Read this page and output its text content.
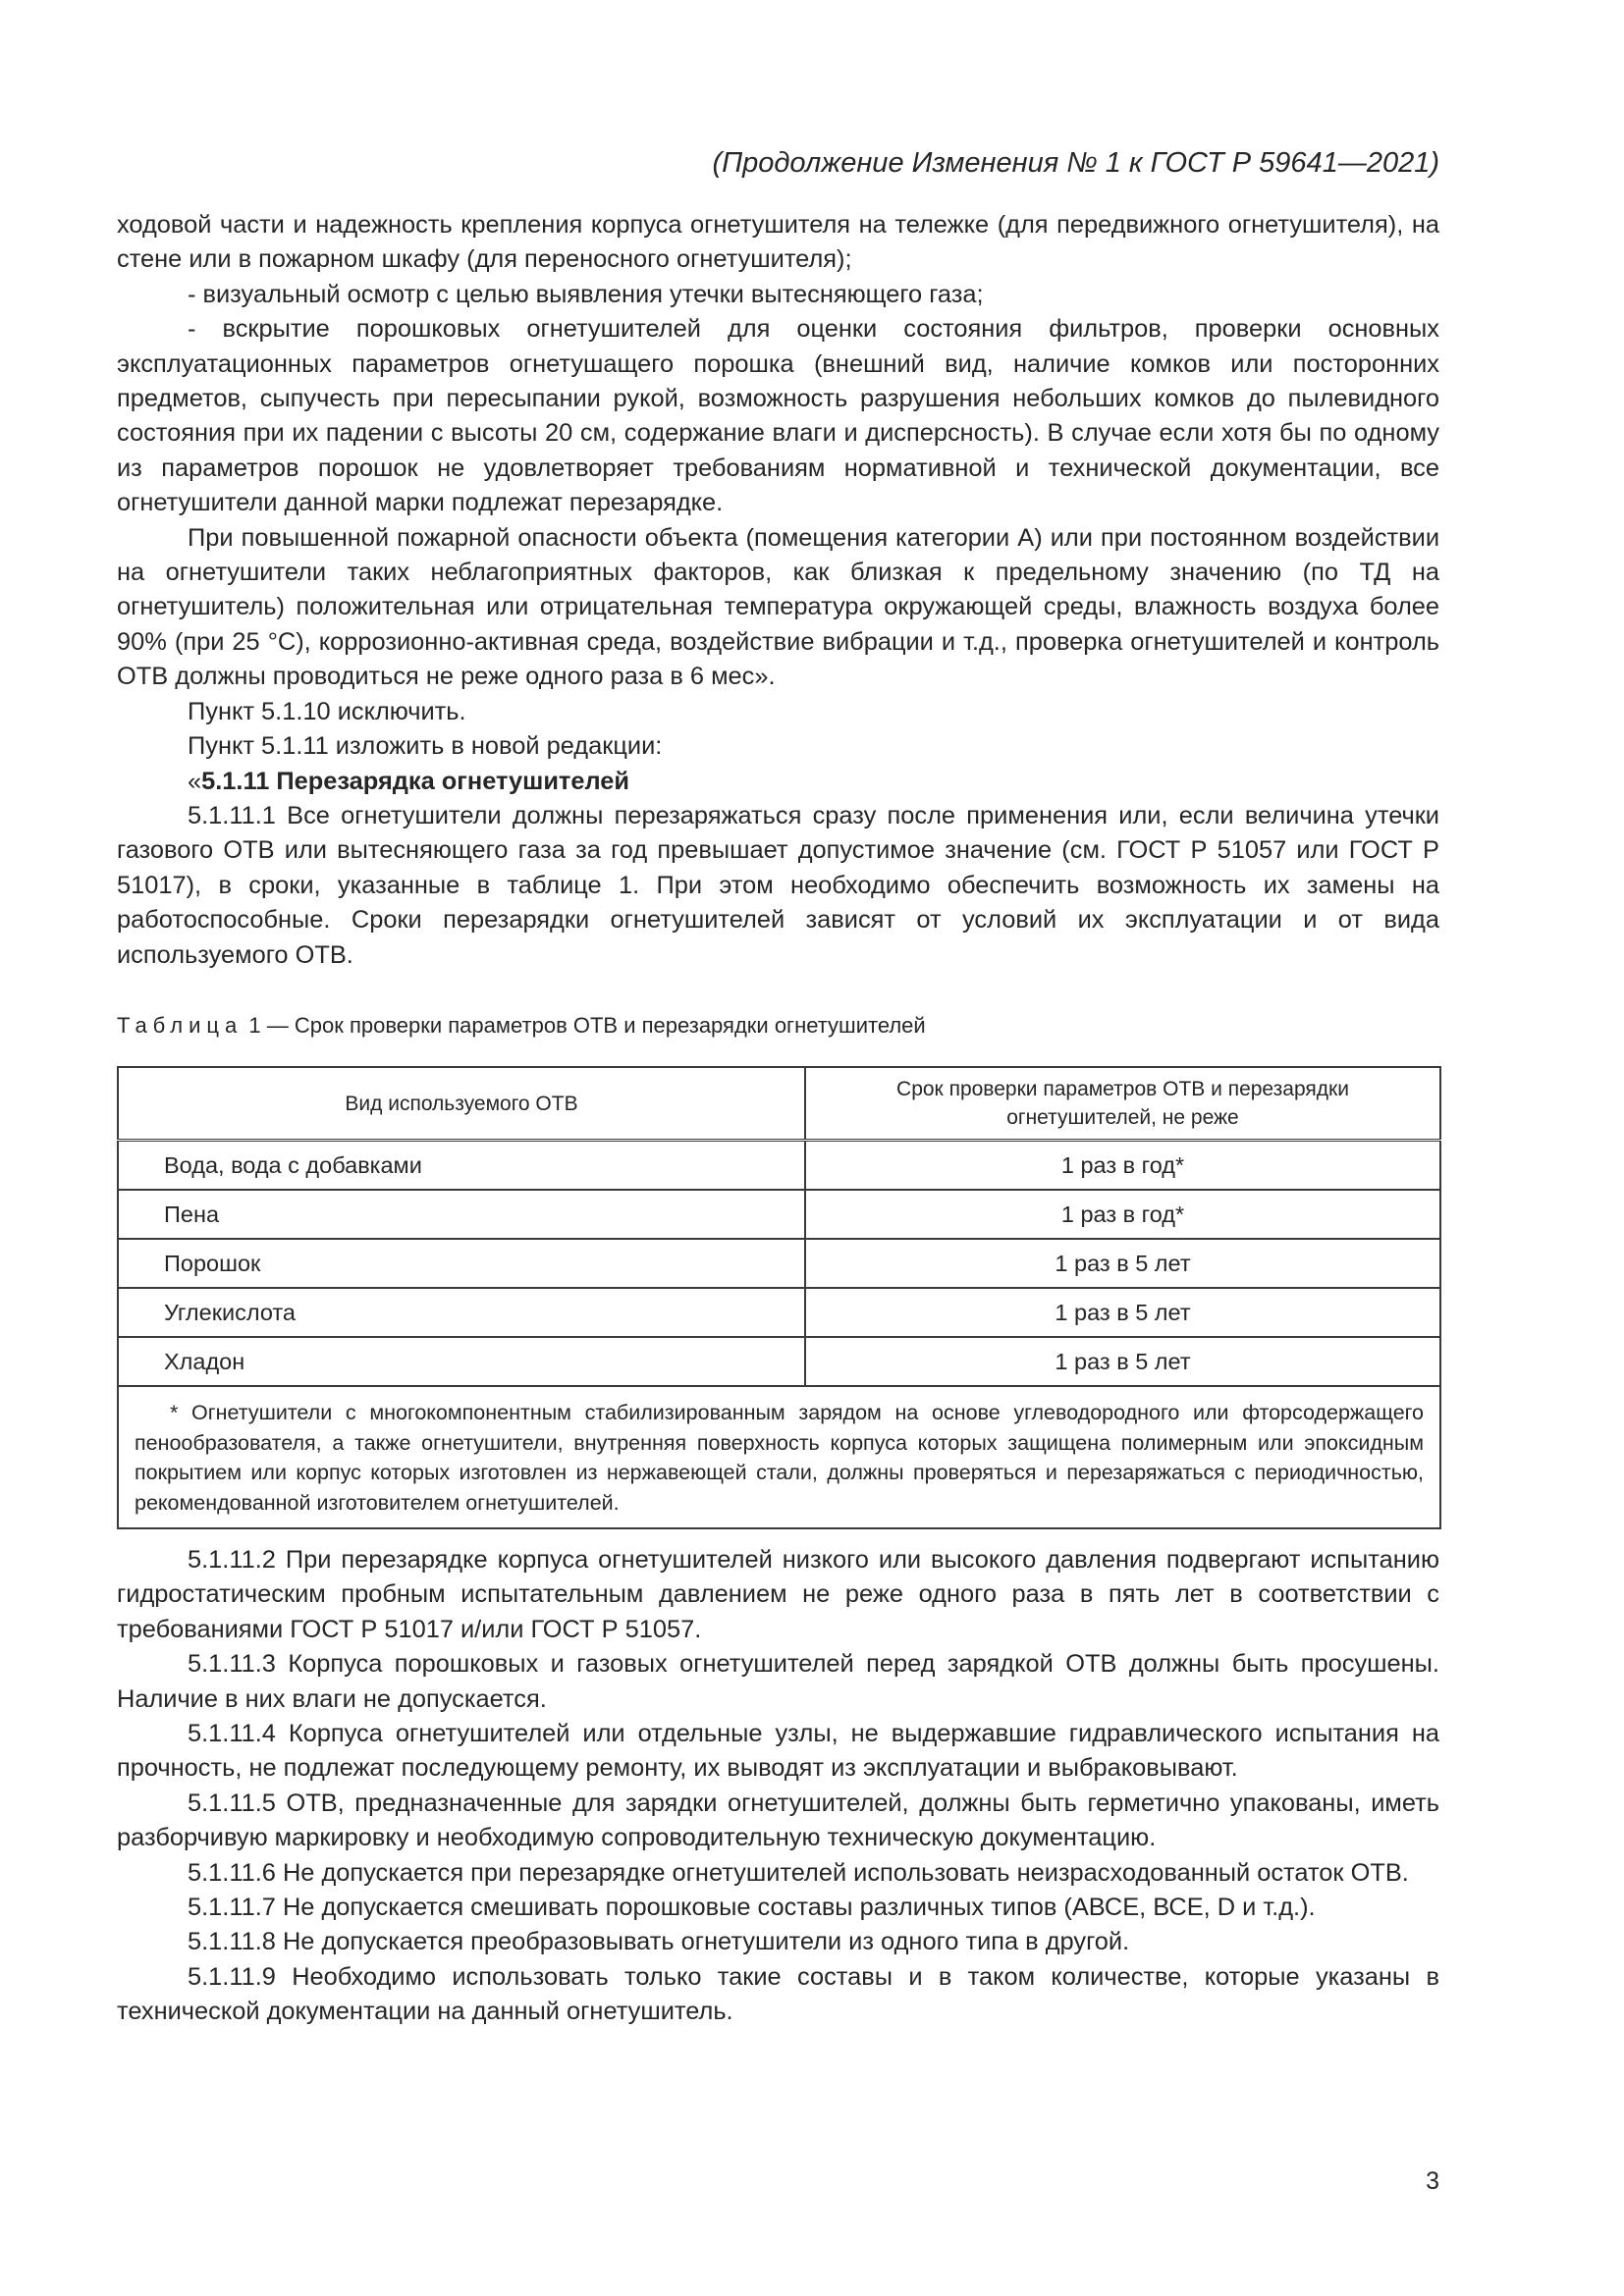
(Продолжение Изменения № 1 к ГОСТ Р 59641—2021)

ходовой части и надежность крепления корпуса огнетушителя на тележке (для передвижного огнетушителя), на стене или в пожарном шкафу (для переносного огнетушителя);

- визуальный осмотр с целью выявления утечки вытесняющего газа;

- вскрытие порошковых огнетушителей для оценки состояния фильтров, проверки основных эксплуатационных параметров огнетушащего порошка (внешний вид, наличие комков или посторонних предметов, сыпучесть при пересыпании рукой, возможность разрушения небольших комков до пылевидного состояния при их падении с высоты 20 см, содержание влаги и дисперсность). В случае если хотя бы по одному из параметров порошок не удовлетворяет требованиям нормативной и технической документации, все огнетушители данной марки подлежат перезарядке.

При повышенной пожарной опасности объекта (помещения категории А) или при постоянном воздействии на огнетушители таких неблагоприятных факторов, как близкая к предельному значению (по ТД на огнетушитель) положительная или отрицательная температура окружающей среды, влажность воздуха более 90% (при 25 °С), коррозионно-активная среда, воздействие вибрации и т.д., проверка огнетушителей и контроль ОТВ должны проводиться не реже одного раза в 6 мес».

Пункт 5.1.10 исключить.

Пункт 5.1.11 изложить в новой редакции:

«5.1.11 Перезарядка огнетушителей

5.1.11.1 Все огнетушители должны перезаряжаться сразу после применения или, если величина утечки газового ОТВ или вытесняющего газа за год превышает допустимое значение (см. ГОСТ Р 51057 или ГОСТ Р 51017), в сроки, указанные в таблице 1. При этом необходимо обеспечить возможность их замены на работоспособные. Сроки перезарядки огнетушителей зависят от условий их эксплуатации и от вида используемого ОТВ.

Таблица 1 — Срок проверки параметров ОТВ и перезарядки огнетушителей
Вид используемого ОТВ	Срок проверки параметров ОТВ и перезарядки огнетушителей, не реже
Вода, вода с добавками	1 раз в год*
Пена	1 раз в год*
Порошок	1 раз в 5 лет
Углекислота	1 раз в 5 лет
Хладон	1 раз в 5 лет
* Огнетушители с многокомпонентным стабилизированным зарядом на основе углеводородного или фторсодержащего пенообразователя, а также огнетушители, внутренняя поверхность корпуса которых защищена полимерным или эпоксидным покрытием или корпус которых изготовлен из нержавеющей стали, должны проверяться и перезаряжаться с периодичностью, рекомендованной изготовителем огнетушителей.	

5.1.11.2 При перезарядке корпуса огнетушителей низкого или высокого давления подвергают испытанию гидростатическим пробным испытательным давлением не реже одного раза в пять лет в соответствии с требованиями ГОСТ Р 51017 и/или ГОСТ Р 51057.

5.1.11.3 Корпуса порошковых и газовых огнетушителей перед зарядкой ОТВ должны быть просушены. Наличие в них влаги не допускается.

5.1.11.4 Корпуса огнетушителей или отдельные узлы, не выдержавшие гидравлического испытания на прочность, не подлежат последующему ремонту, их выводят из эксплуатации и выбраковывают.

5.1.11.5 ОТВ, предназначенные для зарядки огнетушителей, должны быть герметично упакованы, иметь разборчивую маркировку и необходимую сопроводительную техническую документацию.

5.1.11.6 Не допускается при перезарядке огнетушителей использовать неизрасходованный остаток ОТВ.

5.1.11.7 Не допускается смешивать порошковые составы различных типов (АВСЕ, ВСЕ, D и т.д.).

5.1.11.8 Не допускается преобразовывать огнетушители из одного типа в другой.

5.1.11.9 Необходимо использовать только такие составы и в таком количестве, которые указаны в технической документации на данный огнетушитель.

3
